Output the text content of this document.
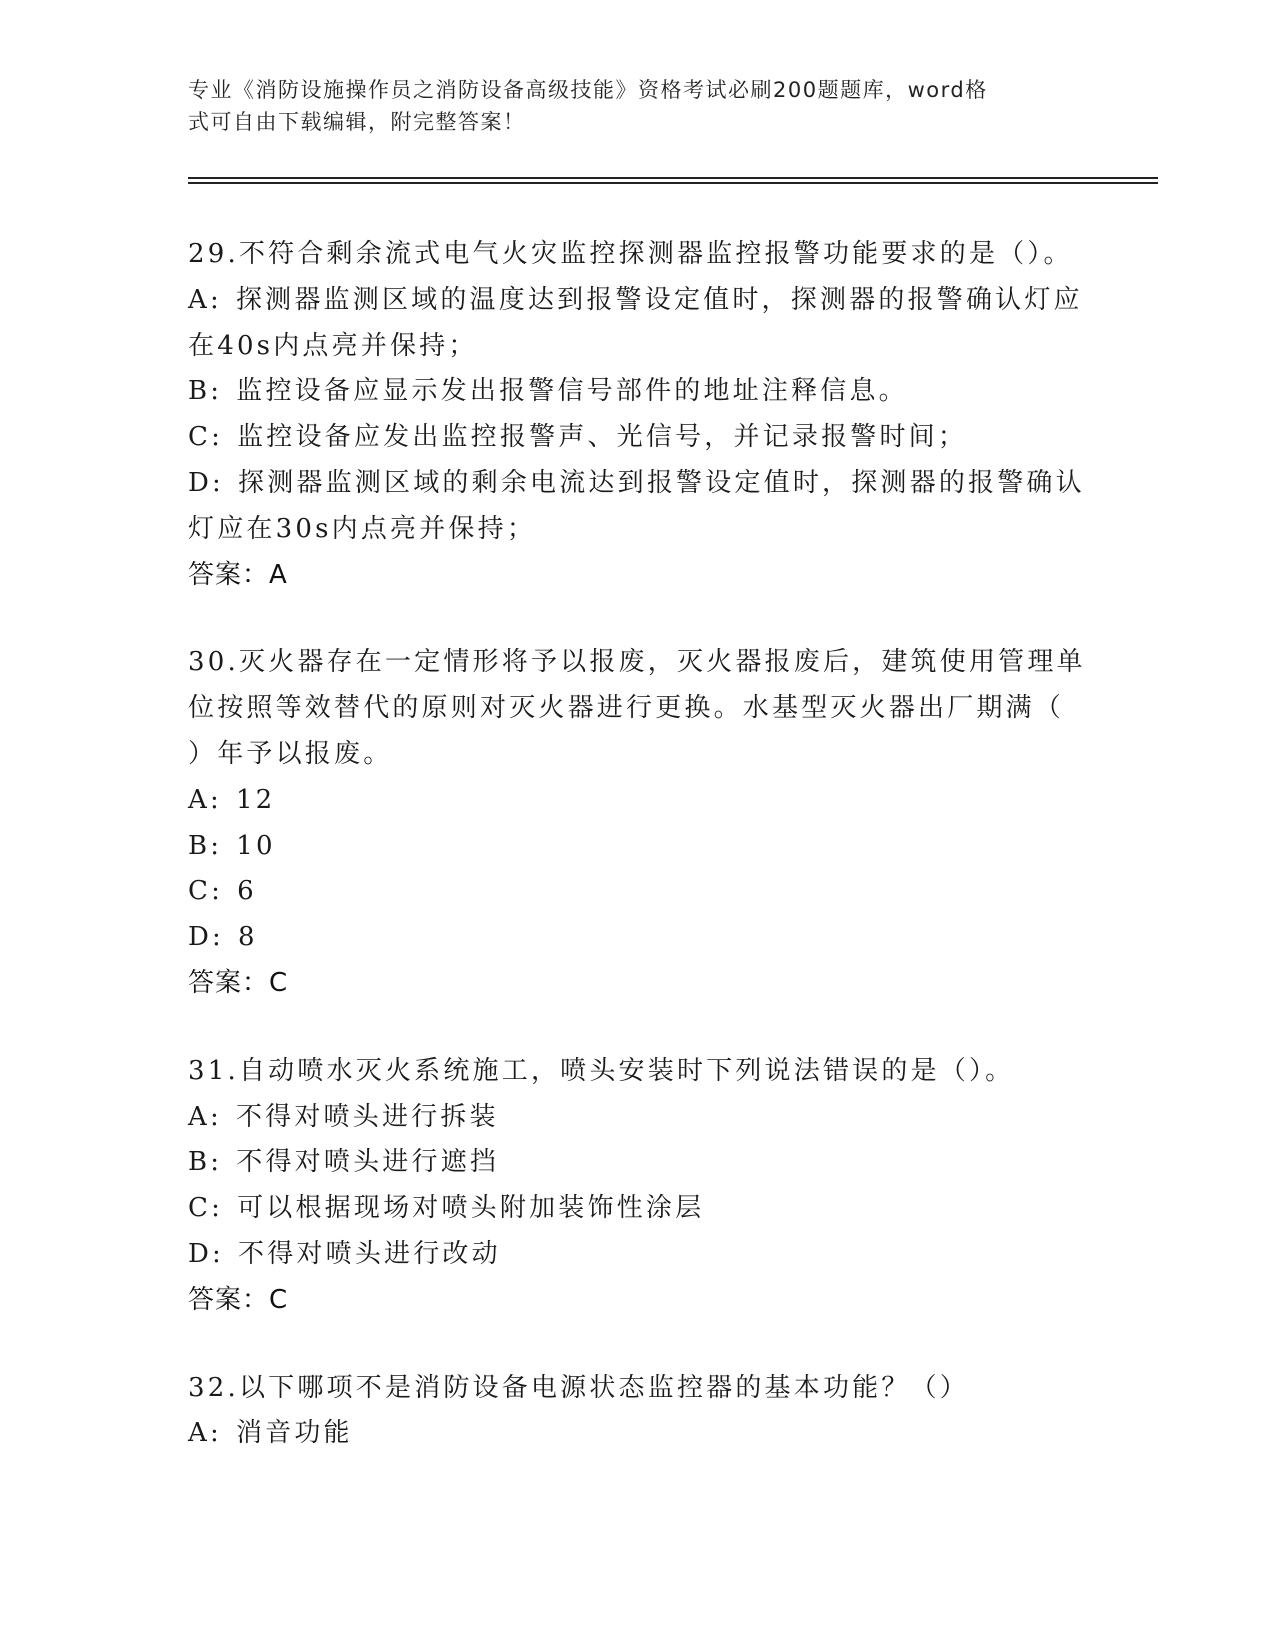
专业《消防设施操作员之消防设备高级技能》资格考试必刷200题题库，word格
式可自由下载编辑，附完整答案！
29.不符合剩余流式电气火灾监控探测器监控报警功能要求的是（）。
A: 探测器监测区域的温度达到报警设定值时，探测器的报警确认灯应
在40s内点亮并保持；
B: 监控设备应显示发出报警信号部件的地址注释信息。
C: 监控设备应发出监控报警声、光信号，并记录报警时间；
D: 探测器监测区域的剩余电流达到报警设定值时，探测器的报警确认
灯应在30s内点亮并保持；
答案：A
30.灭火器存在一定情形将予以报废，灭火器报废后，建筑使用管理单
位按照等效替代的原则对灭火器进行更换。水基型灭火器出厂期满（
）年予以报废。
A: 12
B: 10
C: 6
D: 8
答案：C
31.自动喷水灭火系统施工，喷头安装时下列说法错误的是（）。
A: 不得对喷头进行拆装
B: 不得对喷头进行遮挡
C: 可以根据现场对喷头附加装饰性涂层
D: 不得对喷头进行改动
答案：C
32.以下哪项不是消防设备电源状态监控器的基本功能？（）
A: 消音功能
